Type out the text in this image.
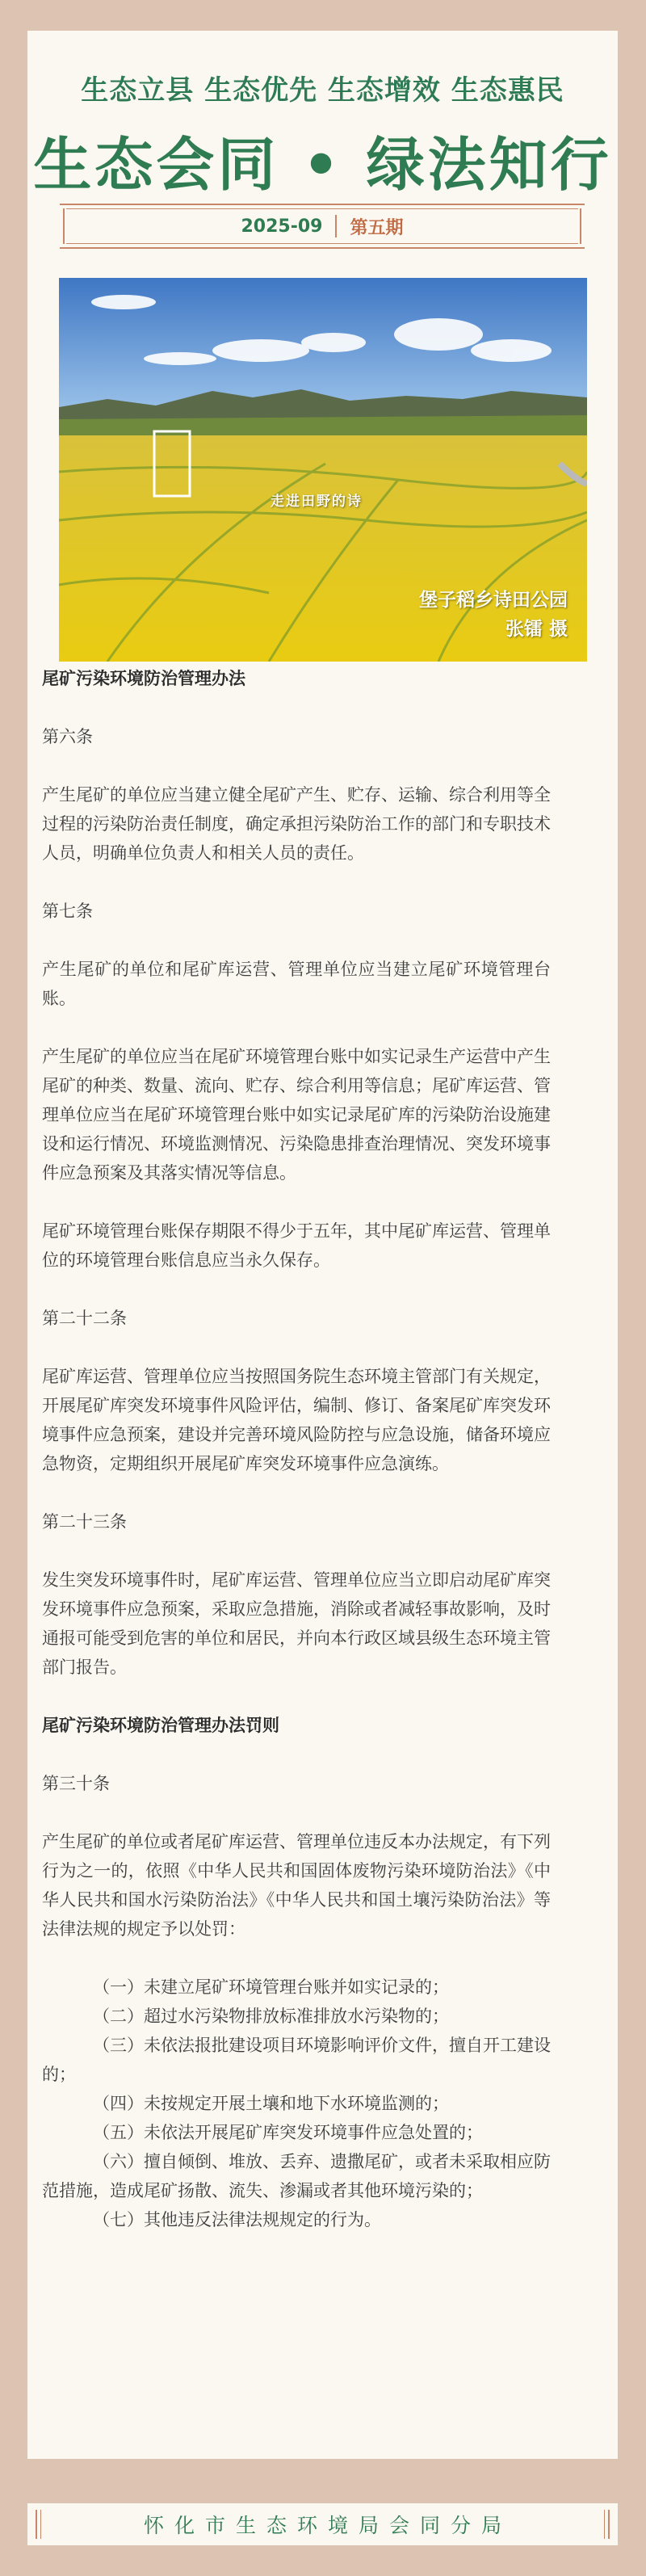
生态立县 生态优先 生态增效 生态惠民
生态会同 • 绿法知行
2025-09 第五期
走进田野的诗
堡子稻乡诗田公园
张镭 摄

尾矿污染环境防治管理办法

第六条

产生尾矿的单位应当建立健全尾矿产生、贮存、运输、综合利用等全过程的污染防治责任制度，确定承担污染防治工作的部门和专职技术人员，明确单位负责人和相关人员的责任。

第七条

产生尾矿的单位和尾矿库运营、管理单位应当建立尾矿环境管理台账。

产生尾矿的单位应当在尾矿环境管理台账中如实记录生产运营中产生尾矿的种类、数量、流向、贮存、综合利用等信息；尾矿库运营、管理单位应当在尾矿环境管理台账中如实记录尾矿库的污染防治设施建设和运行情况、环境监测情况、污染隐患排查治理情况、突发环境事件应急预案及其落实情况等信息。

尾矿环境管理台账保存期限不得少于五年，其中尾矿库运营、管理单位的环境管理台账信息应当永久保存。

第二十二条

尾矿库运营、管理单位应当按照国务院生态环境主管部门有关规定，开展尾矿库突发环境事件风险评估，编制、修订、备案尾矿库突发环境事件应急预案，建设并完善环境风险防控与应急设施，储备环境应急物资，定期组织开展尾矿库突发环境事件应急演练。

第二十三条

发生突发环境事件时，尾矿库运营、管理单位应当立即启动尾矿库突发环境事件应急预案，采取应急措施，消除或者减轻事故影响，及时通报可能受到危害的单位和居民，并向本行政区域县级生态环境主管部门报告。

尾矿污染环境防治管理办法罚则

第三十条

产生尾矿的单位或者尾矿库运营、管理单位违反本办法规定，有下列行为之一的，依照《中华人民共和国固体废物污染环境防治法》《中华人民共和国水污染防治法》《中华人民共和国土壤污染防治法》等法律法规的规定予以处罚：

（一）未建立尾矿环境管理台账并如实记录的；

（二）超过水污染物排放标准排放水污染物的；

（三）未依法报批建设项目环境影响评价文件，擅自开工建设的；

（四）未按规定开展土壤和地下水环境监测的；

（五）未依法开展尾矿库突发环境事件应急处置的；

（六）擅自倾倒、堆放、丢弃、遗撒尾矿，或者未采取相应防范措施，造成尾矿扬散、流失、渗漏或者其他环境污染的；

（七）其他违反法律法规规定的行为。

怀化市生态环境局会同分局
